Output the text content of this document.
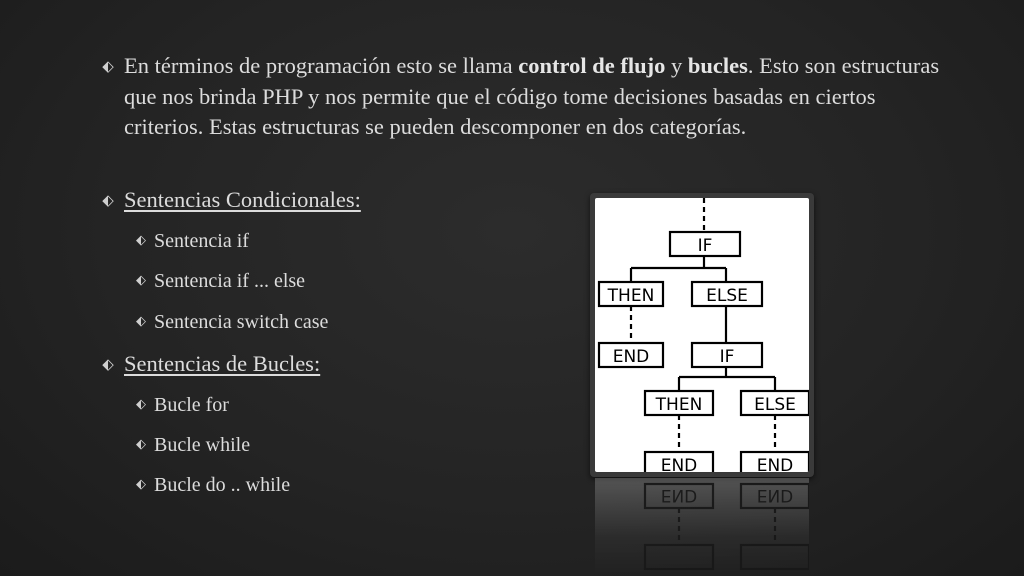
⬖ En términos de programación esto se llama control de flujo y bucles. Esto son estructuras que nos brinda PHP y nos permite que el código tome decisiones basadas en ciertos criterios. Estas estructuras se pueden descomponer en dos categorías.
⬖ Sentencias Condicionales:
⬖ Sentencia if
⬖ Sentencia if ... else
⬖ Sentencia switch case
⬖ Sentencias de Bucles:
⬖ Bucle for
⬖ Bucle while
⬖ Bucle do .. while
IF
THEN	ELSE
END	IF
THEN	ELSE
END	END
END	END
